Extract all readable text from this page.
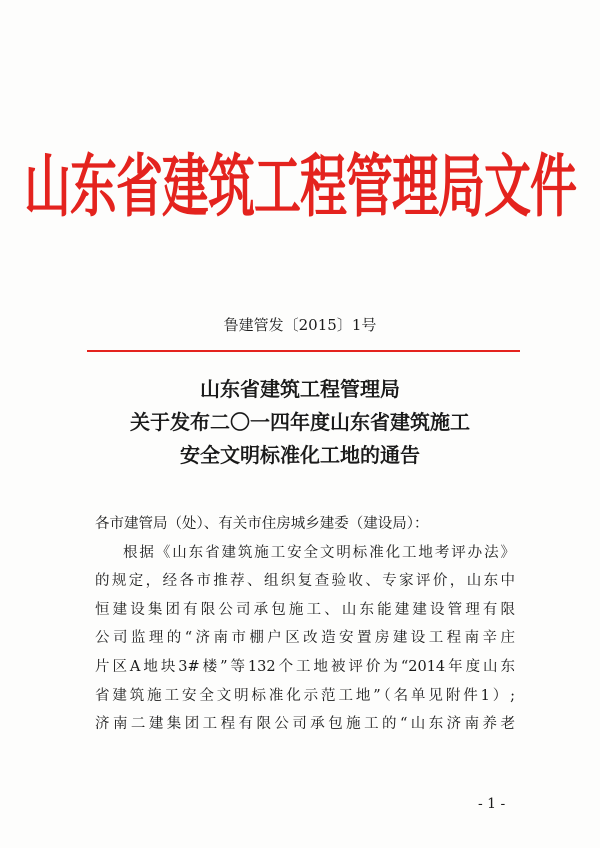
山东省建筑工程管理局文件
鲁建管发〔2015〕1号
山东省建筑工程管理局
关于发布二〇一四年度山东省建筑施工
安全文明标准化工地的通告
各市建管局（处）、有关市住房城乡建委（建设局）：
根据《山东省建筑施工安全文明标准化工地考评办法》
的规定，经各市推荐、组织复查验收、专家评价，山东中
恒建设集团有限公司承包施工、山东能建建设管理有限
公司监理的“济南市棚户区改造安置房建设工程南辛庄
片区A地块3#楼”等132个工地被评价为“2014年度山东
省建筑施工安全文明标准化示范工地”（名单见附件1）;
济南二建集团工程有限公司承包施工的“山东济南养老
- 1 -
